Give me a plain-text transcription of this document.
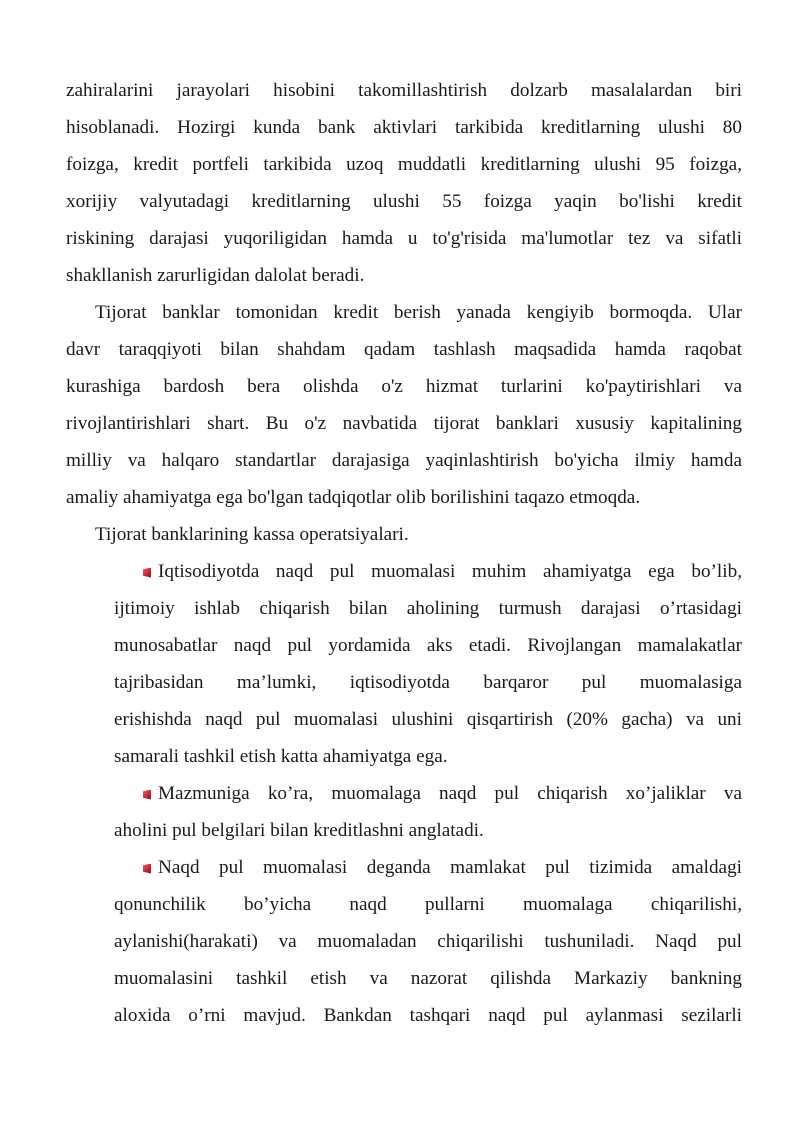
zahiralarini jarayolari hisobini takomillashtirish dolzarb masalalardan biri
hisoblanadi. Hozirgi kunda bank aktivlari tarkibida kreditlarning ulushi 80
foizga, kredit portfeli tarkibida uzoq muddatli kreditlarning ulushi 95 foizga,
xorijiy valyutadagi kreditlarning ulushi 55 foizga yaqin bo'lishi kredit
riskining darajasi yuqoriligidan hamda u to'g'risida ma'lumotlar tez va sifatli
shakllanish zarurligidan dalolat beradi.
Tijorat banklar tomonidan kredit berish yanada kengiyib bormoqda. Ular
davr taraqqiyoti bilan shahdam qadam tashlash maqsadida hamda raqobat
kurashiga bardosh bera olishda o'z hizmat turlarini ko'paytirishlari va
rivojlantirishlari shart. Bu o'z navbatida tijorat banklari xususiy kapitalining
milliy va halqaro standartlar darajasiga yaqinlashtirish bo'yicha ilmiy hamda
amaliy ahamiyatga ega bo'lgan tadqiqotlar olib borilishini taqazo etmoqda.
Tijorat banklarining kassa operatsiyalari.
Iqtisodiyotda naqd pul muomalasi muhim ahamiyatga ega bo’lib,
ijtimoiy ishlab chiqarish bilan aholining turmush darajasi o’rtasidagi
munosabatlar naqd pul yordamida aks etadi. Rivojlangan mamalakatlar
tajribasidan ma’lumki, iqtisodiyotda barqaror pul muomalasiga
erishishda naqd pul muomalasi ulushini qisqartirish (20% gacha) va uni
samarali tashkil etish katta ahamiyatga ega.
Mazmuniga ko’ra, muomalaga naqd pul chiqarish xo’jaliklar va
aholini pul belgilari bilan kreditlashni anglatadi.
Naqd pul muomalasi deganda mamlakat pul tizimida amaldagi
qonunchilik bo’yicha naqd pullarni muomalaga chiqarilishi,
aylanishi(harakati) va muomaladan chiqarilishi tushuniladi. Naqd pul
muomalasini tashkil etish va nazorat qilishda Markaziy bankning
aloxida o’rni mavjud. Bankdan tashqari naqd pul aylanmasi sezilarli
